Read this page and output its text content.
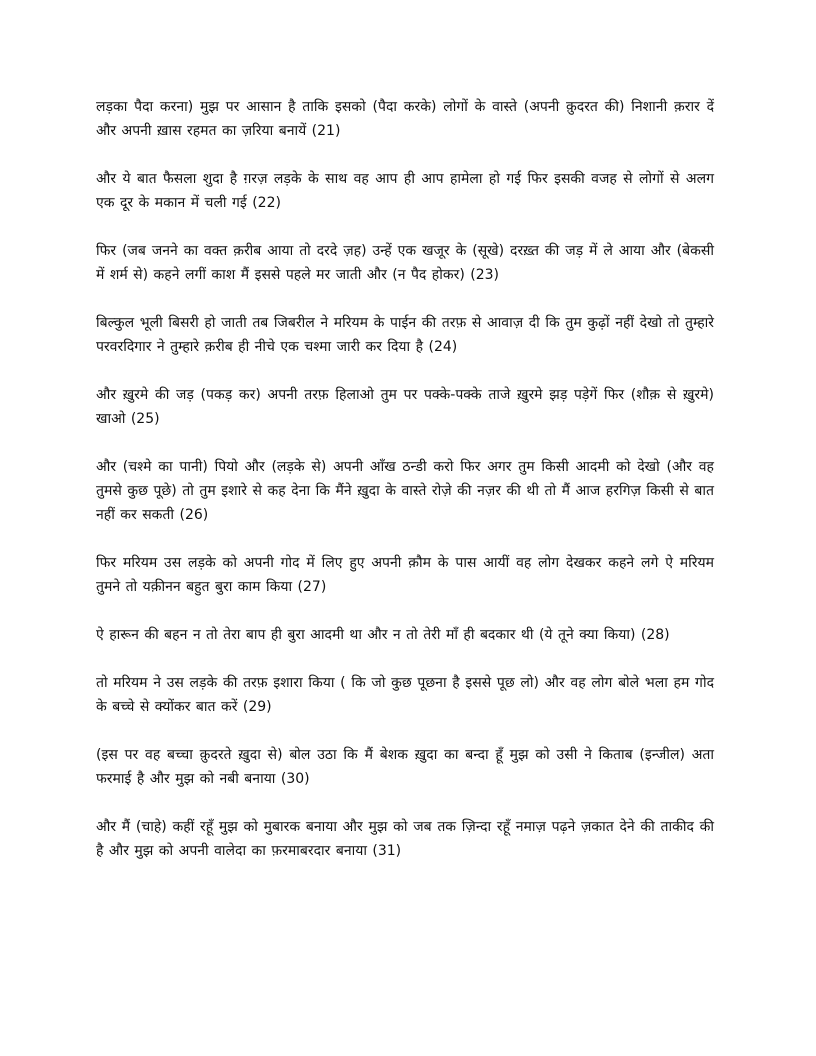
लड़का पैदा करना) मुझ पर आसान है ताकि इसको (पैदा करके) लोगों के वास्ते (अपनी क़ुदरत की) निशानी क़रार दें और अपनी ख़ास रहमत का ज़रिया बनायें (21)

और ये बात फैसला शुदा है ग़रज़ लड़के के साथ वह आप ही आप हामेला हो गई फिर इसकी वजह से लोगों से अलग एक दूर के मकान में चली गई (22)

फिर (जब जनने का वक्त क़रीब आया तो दरदे ज़ह) उन्हें एक खजूर के (सूखे) दरख़्त की जड़ में ले आया और (बेकसी में शर्म से) कहने लगीं काश मैं इससे पहले मर जाती और (न पैद होकर) (23)

बिल्कुल भूली बिसरी हो जाती तब जिबरील ने मरियम के पाईन की तरफ़ से आवाज़ दी कि तुम कुढ़ों नहीं देखो तो तुम्हारे परवरदिगार ने तुम्हारे क़रीब ही नीचे एक चश्मा जारी कर दिया है (24)

और ख़ुरमे की जड़ (पकड़ कर) अपनी तरफ़ हिलाओ तुम पर पक्के-पक्के ताजे ख़ुरमे झड़ पड़ेगें फिर (शौक़ से ख़ुरमे) खाओ (25)

और (चश्मे का पानी) पियो और (लड़के से) अपनी आँख ठन्डी करो फिर अगर तुम किसी आदमी को देखो (और वह तुमसे कुछ पूछे) तो तुम इशारे से कह देना कि मैंने ख़ुदा के वास्ते रोज़े की नज़र की थी तो मैं आज हरगिज़ किसी से बात नहीं कर सकती (26)

फिर मरियम उस लड़के को अपनी गोद में लिए हुए अपनी क़ौम के पास आयीं वह लोग देखकर कहने लगे ऐ मरियम तुमने तो यक़ीनन बहुत बुरा काम किया (27)

ऐ हारून की बहन न तो तेरा बाप ही बुरा आदमी था और न तो तेरी माँ ही बदकार थी (ये तूने क्या किया) (28)

तो मरियम ने उस लड़के की तरफ़ इशारा किया ( कि जो कुछ पूछना है इससे पूछ लो) और वह लोग बोले भला हम गोद के बच्चे से क्योंकर बात करें (29)

(इस पर वह बच्चा क़ुदरते ख़ुदा से) बोल उठा कि मैं बेशक ख़ुदा का बन्दा हूँ मुझ को उसी ने किताब (इन्जील) अता फरमाई है और मुझ को नबी बनाया (30)

और मैं (चाहे) कहीं रहूँ मुझ को मुबारक बनाया और मुझ को जब तक ज़िन्दा रहूँ नमाज़ पढ़ने ज़कात देने की ताकीद की है और मुझ को अपनी वालेदा का फ़रमाबरदार बनाया (31)
